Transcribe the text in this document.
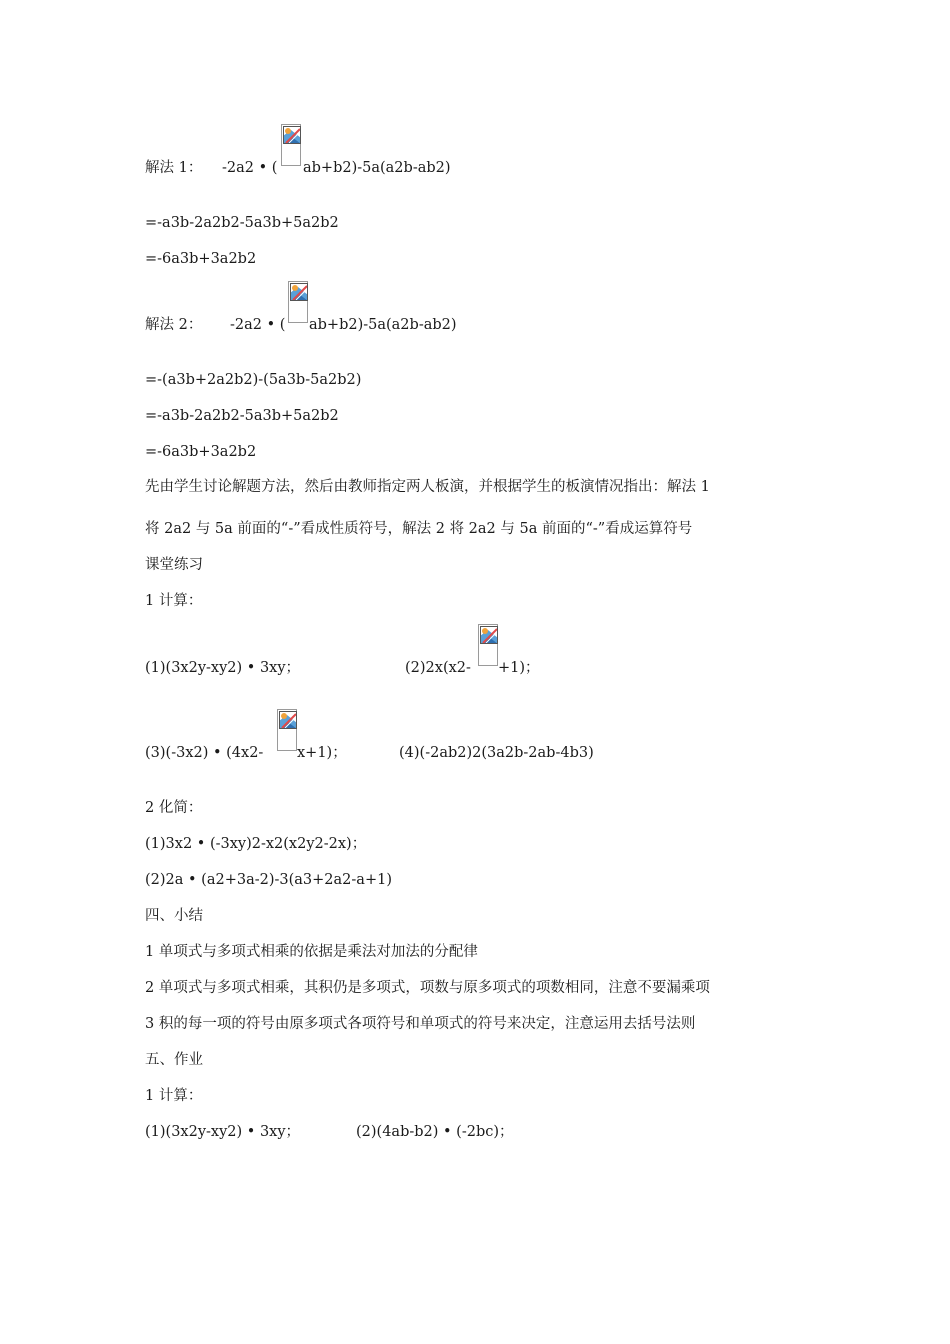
解法 1： -2a2 • ( ab+b2)-5a(a2b-ab2)
=-a3b-2a2b2-5a3b+5a2b2
=-6a3b+3a2b2
解法 2： -2a2 • ( ab+b2)-5a(a2b-ab2)
=-(a3b+2a2b2)-(5a3b-5a2b2)
=-a3b-2a2b2-5a3b+5a2b2
=-6a3b+3a2b2
先由学生讨论解题方法，然后由教师指定两人板演，并根据学生的板演情况指出：解法 1
将 2a2 与 5a 前面的“-”看成性质符号，解法 2 将 2a2 与 5a 前面的“-”看成运算符号
课堂练习
1 计算：
(1)(3x2y-xy2) • 3xy；	(2)2x(x2- +1)；
(3)(-3x2) • (4x2- x+1)；	(4)(-2ab2)2(3a2b-2ab-4b3)
2 化简：
(1)3x2 • (-3xy)2-x2(x2y2-2x)；
(2)2a • (a2+3a-2)-3(a3+2a2-a+1)
四、小结
1 单项式与多项式相乘的依据是乘法对加法的分配律
2 单项式与多项式相乘，其积仍是多项式，项数与原多项式的项数相同，注意不要漏乘项
3 积的每一项的符号由原多项式各项符号和单项式的符号来决定，注意运用去括号法则
五、作业
1 计算：
(1)(3x2y-xy2) • 3xy；	(2)(4ab-b2) • (-2bc)；
